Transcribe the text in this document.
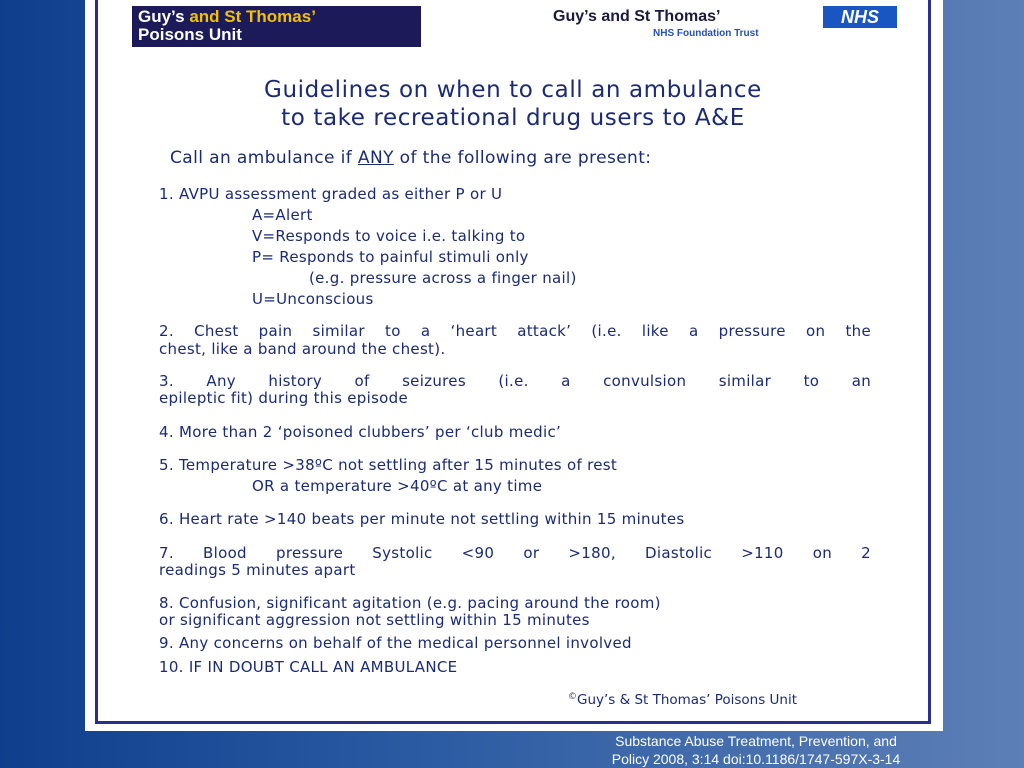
Guy’s and St Thomas’
Poisons Unit
Guy’s and St Thomas’	NHS
NHS Foundation Trust
Guidelines on when to call an ambulance
to take recreational drug users to A&E
Call an ambulance if ANY of the following are present:
1. AVPU assessment graded as either P or U
A=Alert
V=Responds to voice i.e. talking to
P= Responds to painful stimuli only
(e.g. pressure across a finger nail)
U=Unconscious
2. Chest pain similar to a ‘heart attack’ (i.e. like a pressure on the
chest, like a band around the chest).
3. Any history of seizures (i.e. a convulsion similar to an
epileptic fit) during this episode
4. More than 2 ‘poisoned clubbers’ per ‘club medic’
5. Temperature >38ºC not settling after 15 minutes of rest
OR a temperature >40ºC at any time
6. Heart rate >140 beats per minute not settling within 15 minutes
7. Blood pressure Systolic <90 or >180, Diastolic >110 on 2
readings 5 minutes apart
8. Confusion, significant agitation (e.g. pacing around the room)
or significant aggression not settling within 15 minutes
9. Any concerns on behalf of the medical personnel involved
10. IF IN DOUBT CALL AN AMBULANCE
©Guy’s & St Thomas’ Poisons Unit
Substance Abuse Treatment, Prevention, and
Policy 2008, 3:14 doi:10.1186/1747-597X-3-14
